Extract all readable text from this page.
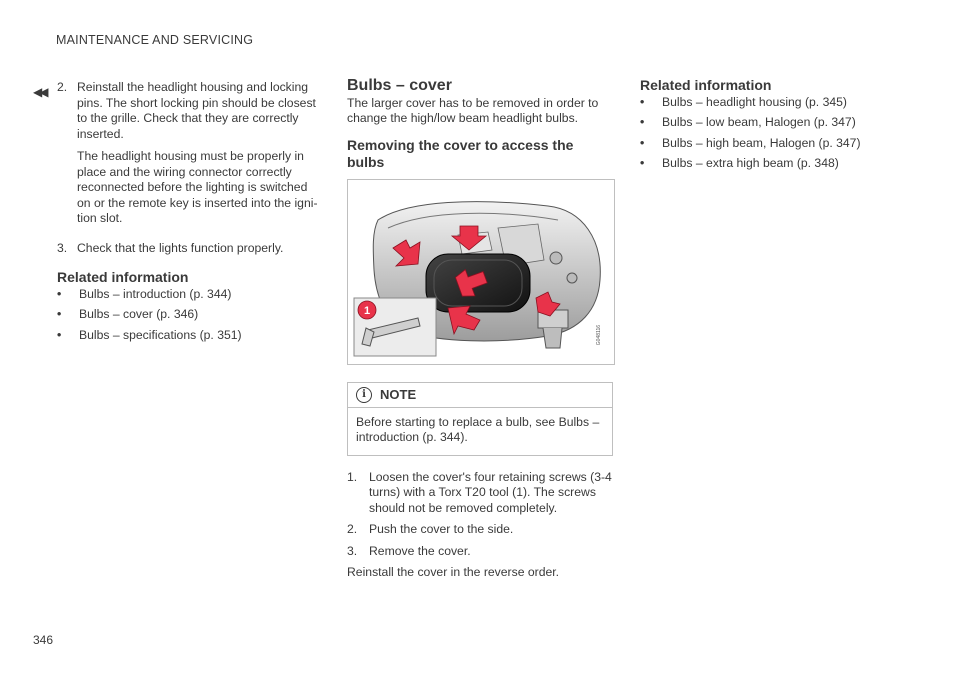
MAINTENANCE AND SERVICING
◀◀
346
2. Reinstall the headlight housing and locking pins. The short locking pin should be closest to the grille. Check that they are correctly inserted.
The headlight housing must be properly in place and the wiring connector correctly reconnected before the lighting is switched on or the remote key is inserted into the ignition slot.
3. Check that the lights function properly.
Related information
•	Bulbs – introduction (p. 344)
•	Bulbs – cover (p. 346)
•	Bulbs – specifications (p. 351)
Bulbs – cover

The larger cover has to be removed in order to change the high/low beam headlight bulbs.

Removing the cover to access the bulbs
1
G048116
i	NOTE
Before starting to replace a bulb, see Bulbs – introduction (p. 344).
1. Loosen the cover's four retaining screws (3-4 turns) with a Torx T20 tool (1). The screws should not be removed completely.
2. Push the cover to the side.
3. Remove the cover.
Reinstall the cover in the reverse order.
Related information
•	Bulbs – headlight housing (p. 345)
•	Bulbs – low beam, Halogen (p. 347)
•	Bulbs – high beam, Halogen (p. 347)
•	Bulbs – extra high beam (p. 348)
